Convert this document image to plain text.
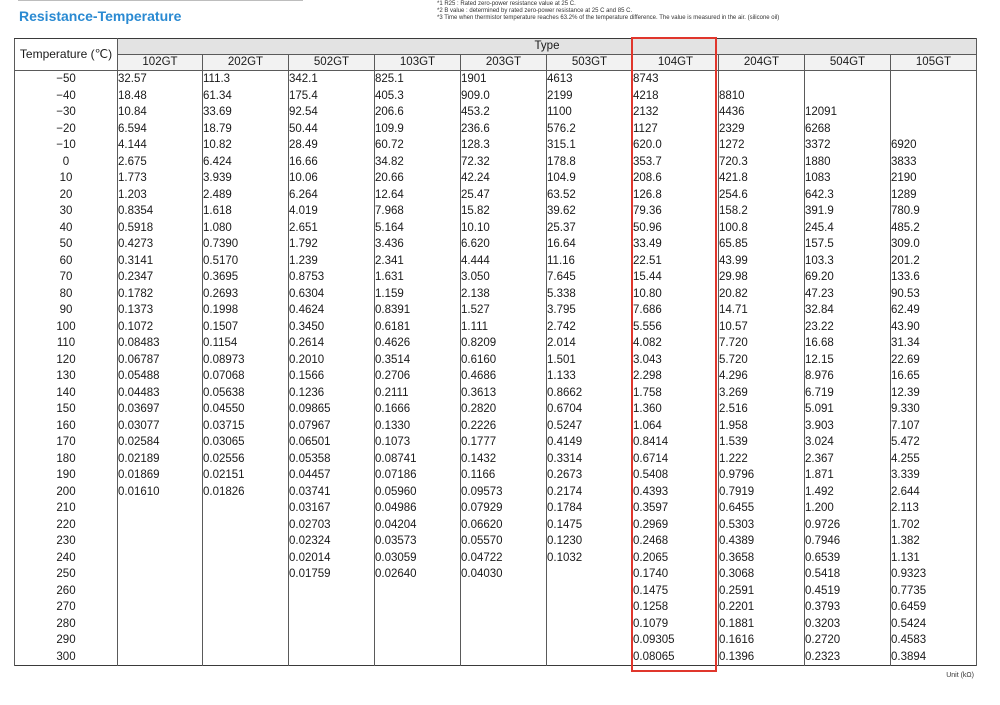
Resistance-Temperature
*1 R25 : Rated zero-power resistance value at 25 C.
*2 B value : determined by rated zero-power resistance at 25 C and 85 C.
*3 Time when thermistor temperature reaches 63.2% of the temperature difference. The value is measured in the air. (silicone oil)
Temperature (℃)	Type									
	102GT	202GT	502GT	103GT	203GT	503GT	104GT	204GT	504GT	105GT
−50	32.57	111.3	342.1	825.1	1901	4613	8743			
−40	18.48	61.34	175.4	405.3	909.0	2199	4218	8810		
−30	10.84	33.69	92.54	206.6	453.2	1100	2132	4436	12091	
−20	6.594	18.79	50.44	109.9	236.6	576.2	1127	2329	6268	
−10	4.144	10.82	28.49	60.72	128.3	315.1	620.0	1272	3372	6920
0	2.675	6.424	16.66	34.82	72.32	178.8	353.7	720.3	1880	3833
10	1.773	3.939	10.06	20.66	42.24	104.9	208.6	421.8	1083	2190
20	1.203	2.489	6.264	12.64	25.47	63.52	126.8	254.6	642.3	1289
30	0.8354	1.618	4.019	7.968	15.82	39.62	79.36	158.2	391.9	780.9
40	0.5918	1.080	2.651	5.164	10.10	25.37	50.96	100.8	245.4	485.2
50	0.4273	0.7390	1.792	3.436	6.620	16.64	33.49	65.85	157.5	309.0
60	0.3141	0.5170	1.239	2.341	4.444	11.16	22.51	43.99	103.3	201.2
70	0.2347	0.3695	0.8753	1.631	3.050	7.645	15.44	29.98	69.20	133.6
80	0.1782	0.2693	0.6304	1.159	2.138	5.338	10.80	20.82	47.23	90.53
90	0.1373	0.1998	0.4624	0.8391	1.527	3.795	7.686	14.71	32.84	62.49
100	0.1072	0.1507	0.3450	0.6181	1.111	2.742	5.556	10.57	23.22	43.90
110	0.08483	0.1154	0.2614	0.4626	0.8209	2.014	4.082	7.720	16.68	31.34
120	0.06787	0.08973	0.2010	0.3514	0.6160	1.501	3.043	5.720	12.15	22.69
130	0.05488	0.07068	0.1566	0.2706	0.4686	1.133	2.298	4.296	8.976	16.65
140	0.04483	0.05638	0.1236	0.2111	0.3613	0.8662	1.758	3.269	6.719	12.39
150	0.03697	0.04550	0.09865	0.1666	0.2820	0.6704	1.360	2.516	5.091	9.330
160	0.03077	0.03715	0.07967	0.1330	0.2226	0.5247	1.064	1.958	3.903	7.107
170	0.02584	0.03065	0.06501	0.1073	0.1777	0.4149	0.8414	1.539	3.024	5.472
180	0.02189	0.02556	0.05358	0.08741	0.1432	0.3314	0.6714	1.222	2.367	4.255
190	0.01869	0.02151	0.04457	0.07186	0.1166	0.2673	0.5408	0.9796	1.871	3.339
200	0.01610	0.01826	0.03741	0.05960	0.09573	0.2174	0.4393	0.7919	1.492	2.644
210			0.03167	0.04986	0.07929	0.1784	0.3597	0.6455	1.200	2.113
220			0.02703	0.04204	0.06620	0.1475	0.2969	0.5303	0.9726	1.702
230			0.02324	0.03573	0.05570	0.1230	0.2468	0.4389	0.7946	1.382
240			0.02014	0.03059	0.04722	0.1032	0.2065	0.3658	0.6539	1.131
250			0.01759	0.02640	0.04030		0.1740	0.3068	0.5418	0.9323
260							0.1475	0.2591	0.4519	0.7735
270							0.1258	0.2201	0.3793	0.6459
280							0.1079	0.1881	0.3203	0.5424
290							0.09305	0.1616	0.2720	0.4583
300							0.08065	0.1396	0.2323	0.3894
Unit (kΩ)
